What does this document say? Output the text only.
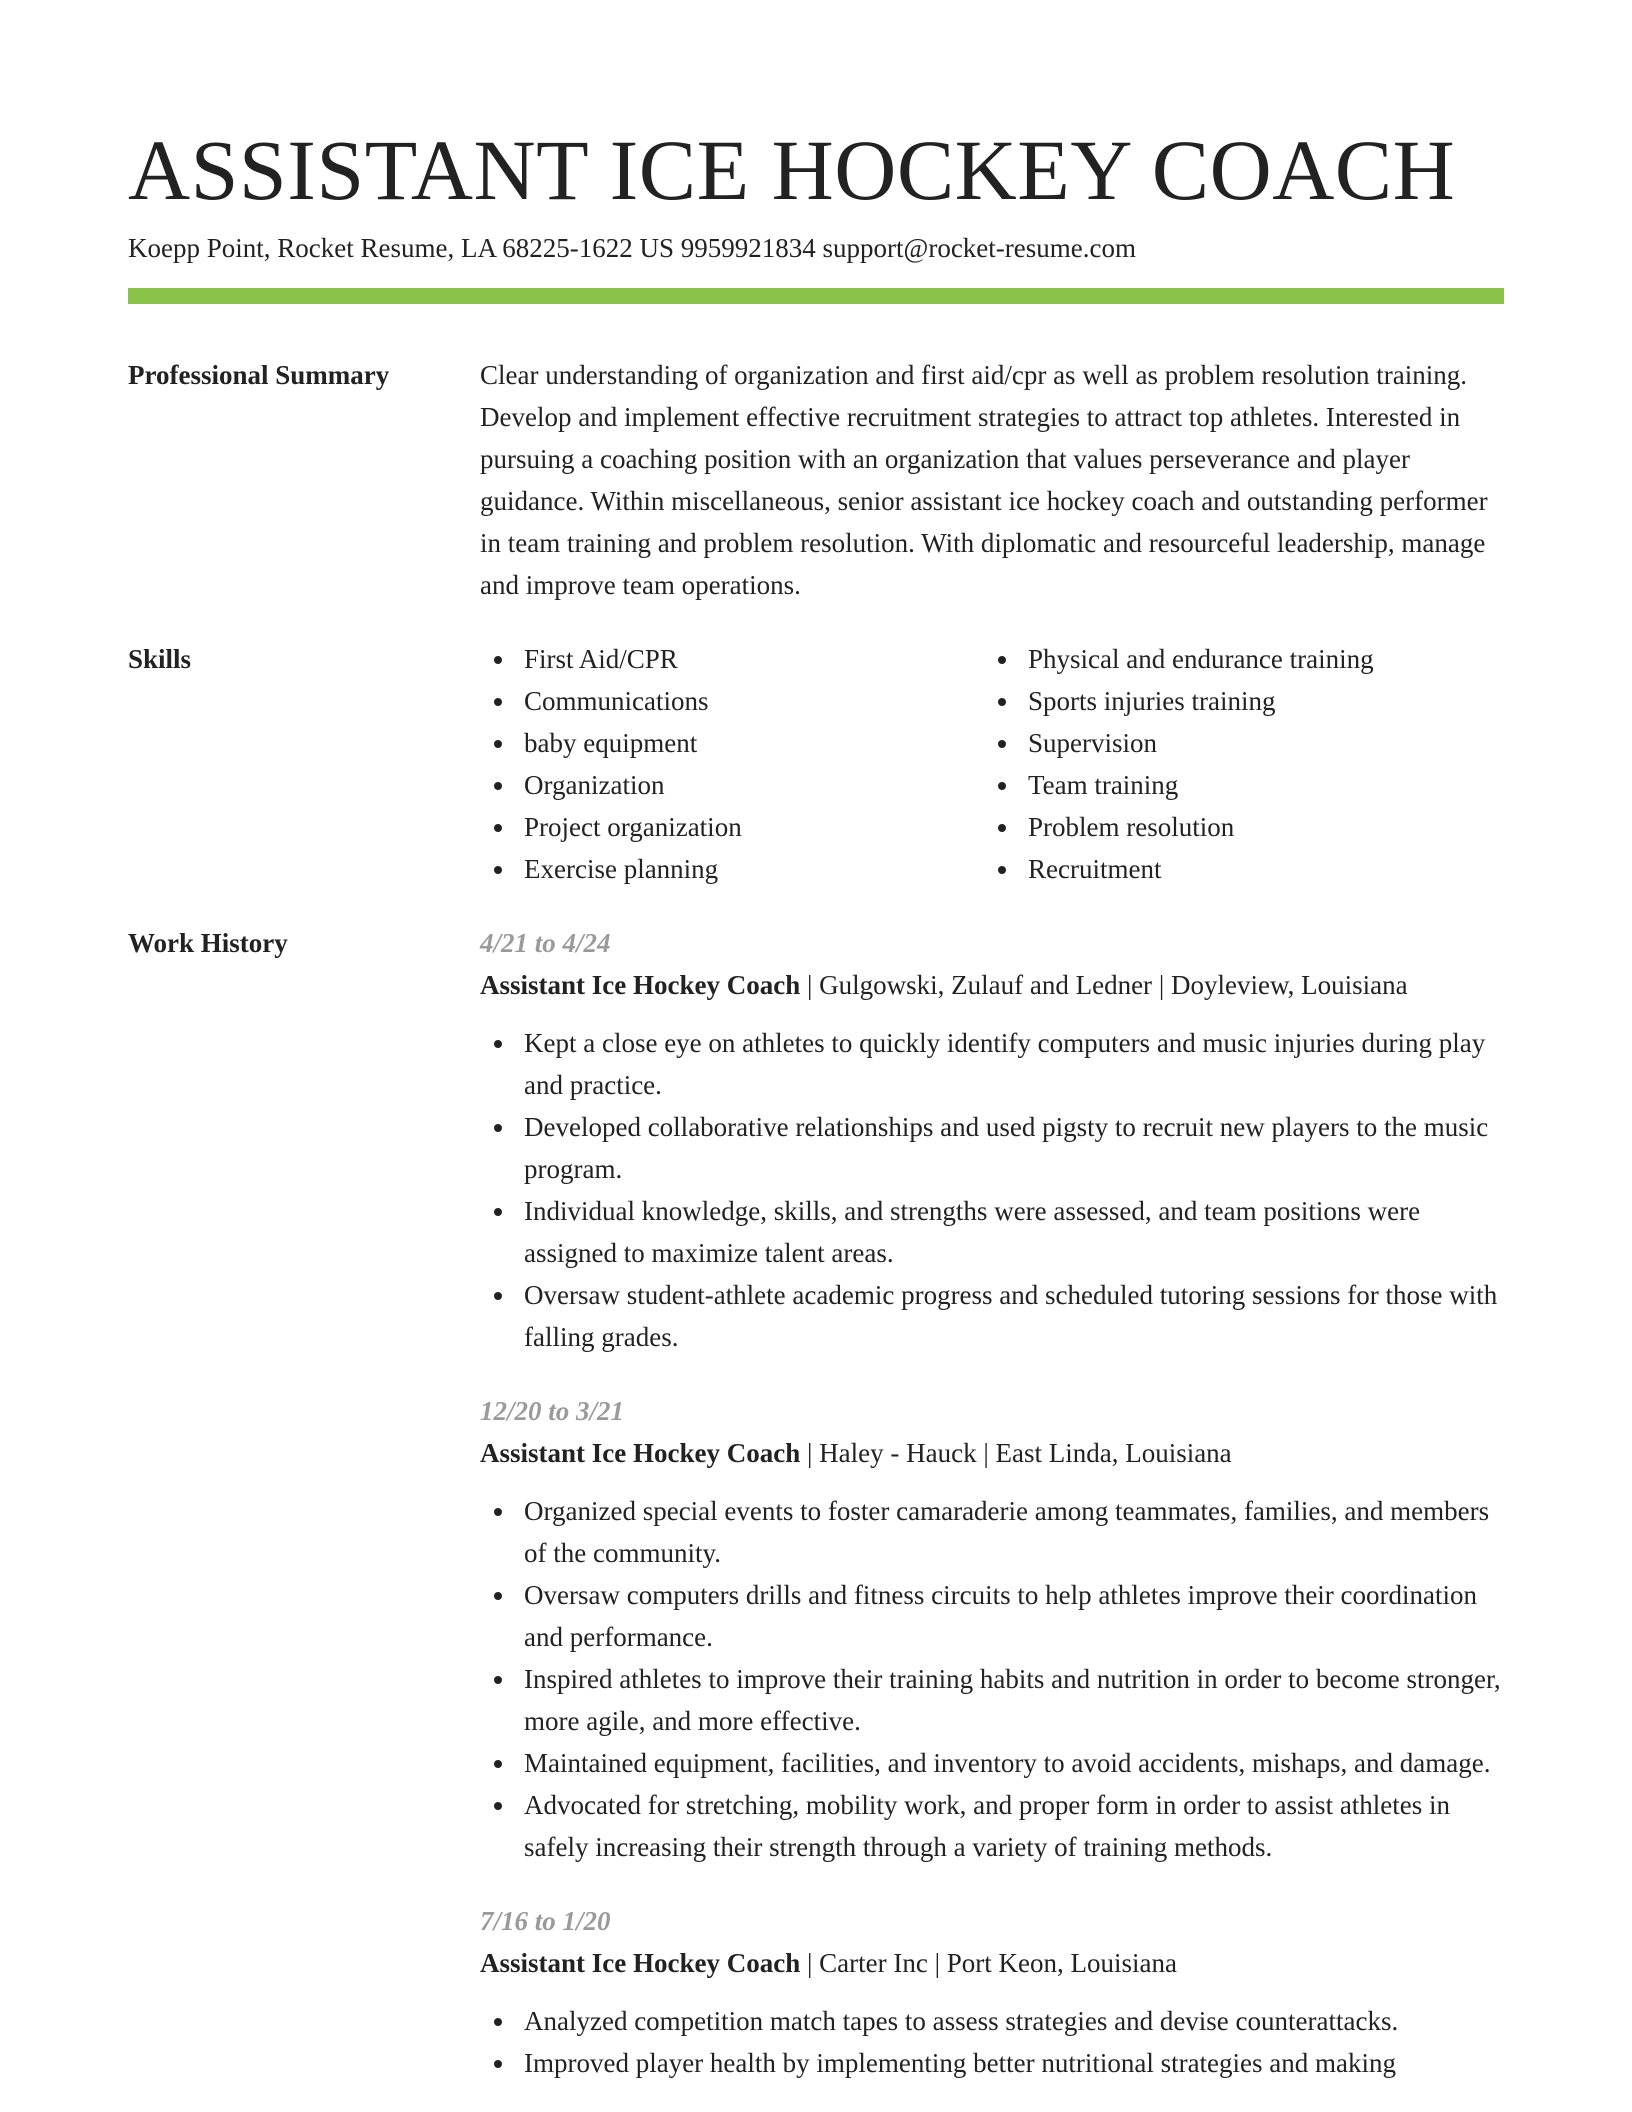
ASSISTANT ICE HOCKEY COACH
Koepp Point, Rocket Resume, LA 68225-1622 US 9959921834 support@rocket-resume.com
Professional Summary	Clear understanding of organization and first aid/cpr as well as problem resolution training. Develop and implement effective recruitment strategies to attract top athletes. Interested in pursuing a coaching position with an organization that values perseverance and player guidance. Within miscellaneous, senior assistant ice hockey coach and outstanding performer in team training and problem resolution. With diplomatic and resourceful leadership, manage and improve team operations.
Skills	First Aid/CPR
Communications
baby equipment
Organization
Project organization
Exercise planning
Physical and endurance training
Sports injuries training
Supervision
Team training
Problem resolution
Recruitment
Work History	4/21 to 4/24
Assistant Ice Hockey Coach | Gulgowski, Zulauf and Ledner | Doyleview, Louisiana
Kept a close eye on athletes to quickly identify computers and music injuries during play and practice.
Developed collaborative relationships and used pigsty to recruit new players to the music program.
Individual knowledge, skills, and strengths were assessed, and team positions were assigned to maximize talent areas.
Oversaw student-athlete academic progress and scheduled tutoring sessions for those with falling grades.
12/20 to 3/21
Assistant Ice Hockey Coach | Haley - Hauck | East Linda, Louisiana
Organized special events to foster camaraderie among teammates, families, and members of the community.
Oversaw computers drills and fitness circuits to help athletes improve their coordination and performance.
Inspired athletes to improve their training habits and nutrition in order to become stronger, more agile, and more effective.
Maintained equipment, facilities, and inventory to avoid accidents, mishaps, and damage.
Advocated for stretching, mobility work, and proper form in order to assist athletes in safely increasing their strength through a variety of training methods.
7/16 to 1/20
Assistant Ice Hockey Coach | Carter Inc | Port Keon, Louisiana
Analyzed competition match tapes to assess strategies and devise counterattacks.
Improved player health by implementing better nutritional strategies and making
